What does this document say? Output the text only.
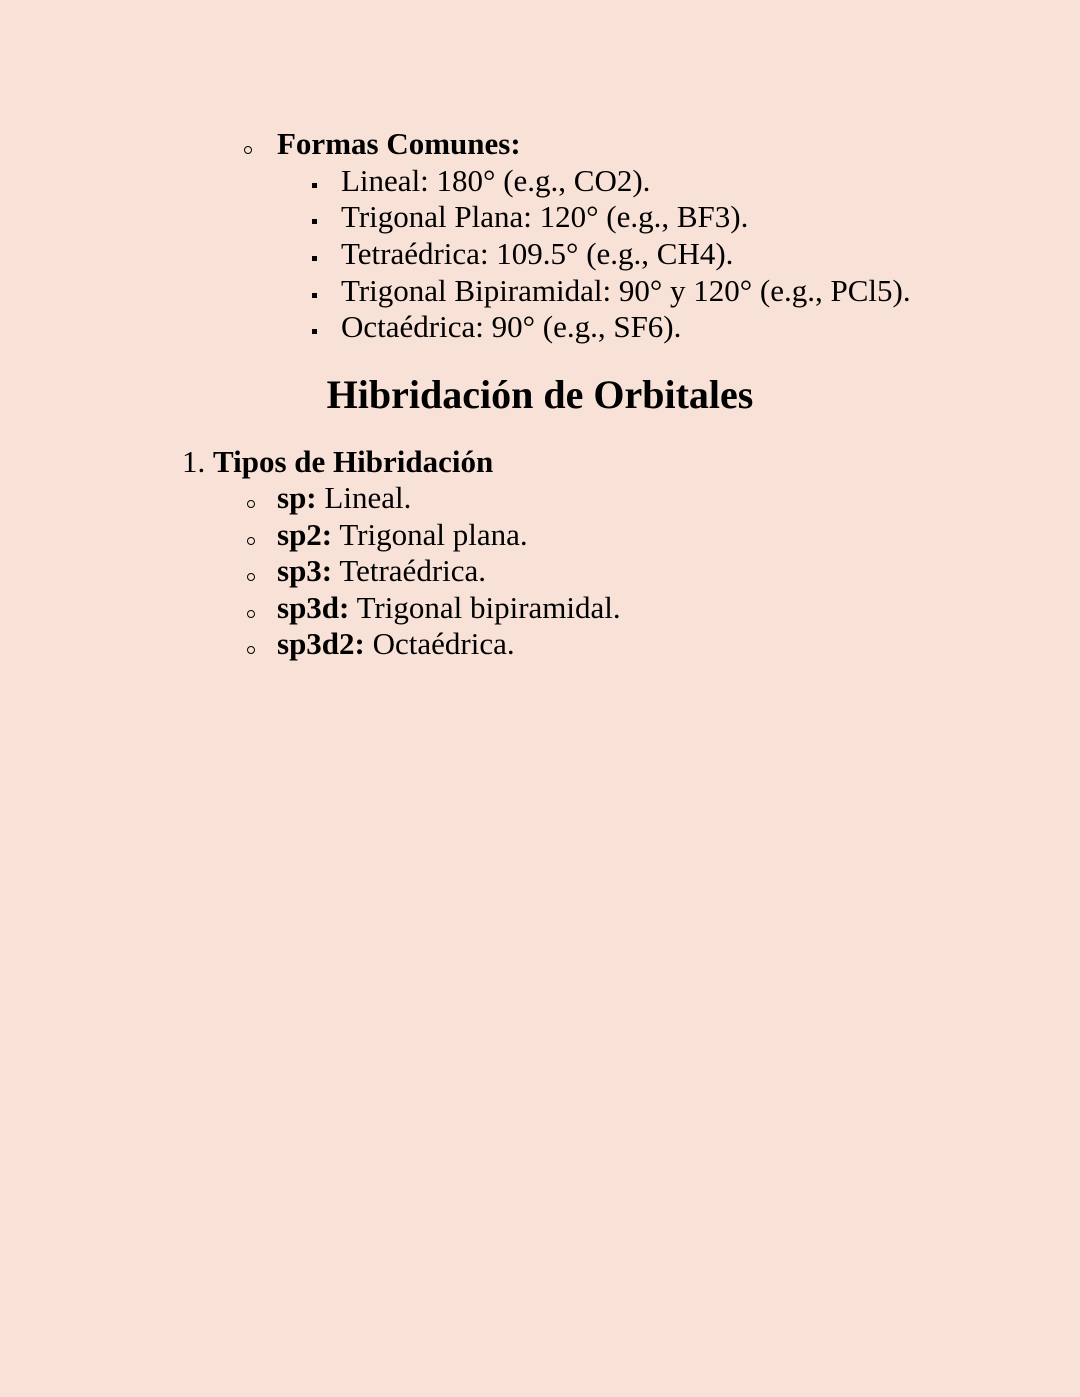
Formas Comunes:
Lineal: 180° (e.g., CO2).
Trigonal Plana: 120° (e.g., BF3).
Tetraédrica: 109.5° (e.g., CH4).
Trigonal Bipiramidal: 90° y 120° (e.g., PCl5).
Octaédrica: 90° (e.g., SF6).
Hibridación de Orbitales
1. Tipos de Hibridación
sp: Lineal.
sp2: Trigonal plana.
sp3: Tetraédrica.
sp3d: Trigonal bipiramidal.
sp3d2: Octaédrica.
